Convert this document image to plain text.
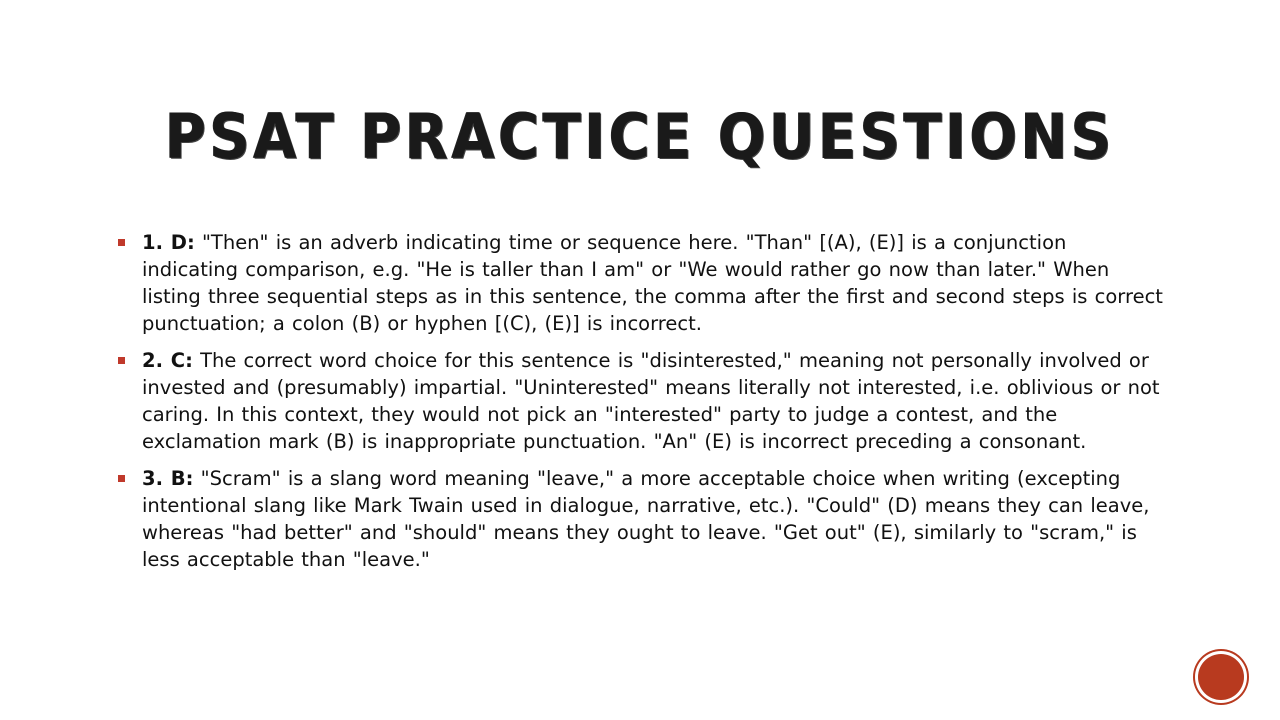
PSAT PRACTICE QUESTIONS
1. D: "Then" is an adverb indicating time or sequence here. "Than" [(A), (E)] is a conjunction indicating comparison, e.g. "He is taller than I am" or "We would rather go now than later." When listing three sequential steps as in this sentence, the comma after the first and second steps is correct punctuation; a colon (B) or hyphen [(C), (E)] is incorrect.
2. C: The correct word choice for this sentence is "disinterested," meaning not personally involved or invested and (presumably) impartial. "Uninterested" means literally not interested, i.e. oblivious or not caring. In this context, they would not pick an "interested" party to judge a contest, and the exclamation mark (B) is inappropriate punctuation. "An" (E) is incorrect preceding a consonant.
3. B: "Scram" is a slang word meaning "leave," a more acceptable choice when writing (excepting intentional slang like Mark Twain used in dialogue, narrative, etc.). "Could" (D) means they can leave, whereas "had better" and "should" means they ought to leave. "Get out" (E), similarly to "scram," is less acceptable than "leave."
